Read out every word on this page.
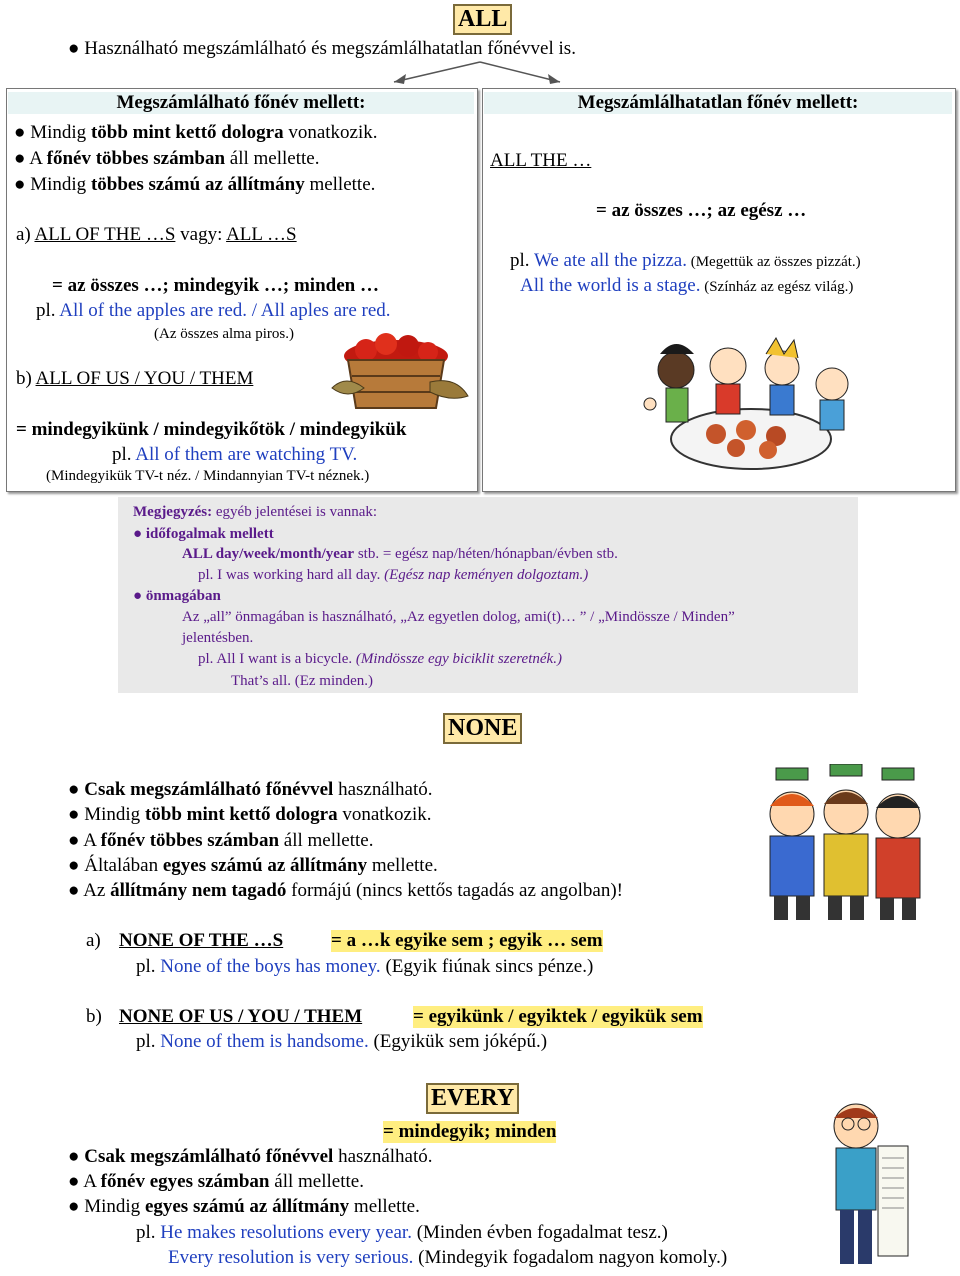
ALL
● Használható megszámlálható és megszámlálhatatlan főnévvel is.
Megszámlálható főnév mellett:
● Mindig több mint kettő dologra vonatkozik.
● A főnév többes számban áll mellette.
● Mindig többes számú az állítmány mellette.
a) ALL OF THE …S vagy: ALL …S
= az összes …; mindegyik …; minden …
pl. All of the apples are red. / All aples are red.
(Az összes alma piros.)
b) ALL OF US / YOU / THEM
= mindegyikünk / mindegyikőtök / mindegyikük
pl. All of them are watching TV.
(Mindegyikük TV-t néz. / Mindannyian TV-t néznek.)
Megszámlálhatatlan főnév mellett:
ALL THE …
= az összes …; az egész …
pl. We ate all the pizza. (Megettük az összes pizzát.)
All the world is a stage. (Színház az egész világ.)
Megjegyzés: egyéb jelentései is vannak:
● időfogalmak mellett
ALL day/week/month/year stb. = egész nap/héten/hónapban/évben stb.
pl. I was working hard all day. (Egész nap keményen dolgoztam.)
● önmagában
Az „all” önmagában is használható, „Az egyetlen dolog, ami(t)… ” / „Mindössze / Minden”
jelentésben.
pl. All I want is a bicycle. (Mindössze egy biciklit szeretnék.)
That’s all. (Ez minden.)
NONE
● Csak megszámlálható főnévvel használható.
● Mindig több mint kettő dologra vonatkozik.
● A főnév többes számban áll mellette.
● Általában egyes számú az állítmány mellette.
● Az állítmány nem tagadó formájú (nincs kettős tagadás az angolban)!
a) NONE OF THE …S	= a …k egyike sem ; egyik … sem
pl. None of the boys has money. (Egyik fiúnak sincs pénze.)
b) NONE OF US / YOU / THEM	= egyikünk / egyiktek / egyikük sem
pl. None of them is handsome. (Egyikük sem jóképű.)
EVERY
= mindegyik; minden
● Csak megszámlálható főnévvel használható.
● A főnév egyes számban áll mellette.
● Mindig egyes számú az állítmány mellette.
pl. He makes resolutions every year. (Minden évben fogadalmat tesz.)
Every resolution is very serious. (Mindegyik fogadalom nagyon komoly.)
